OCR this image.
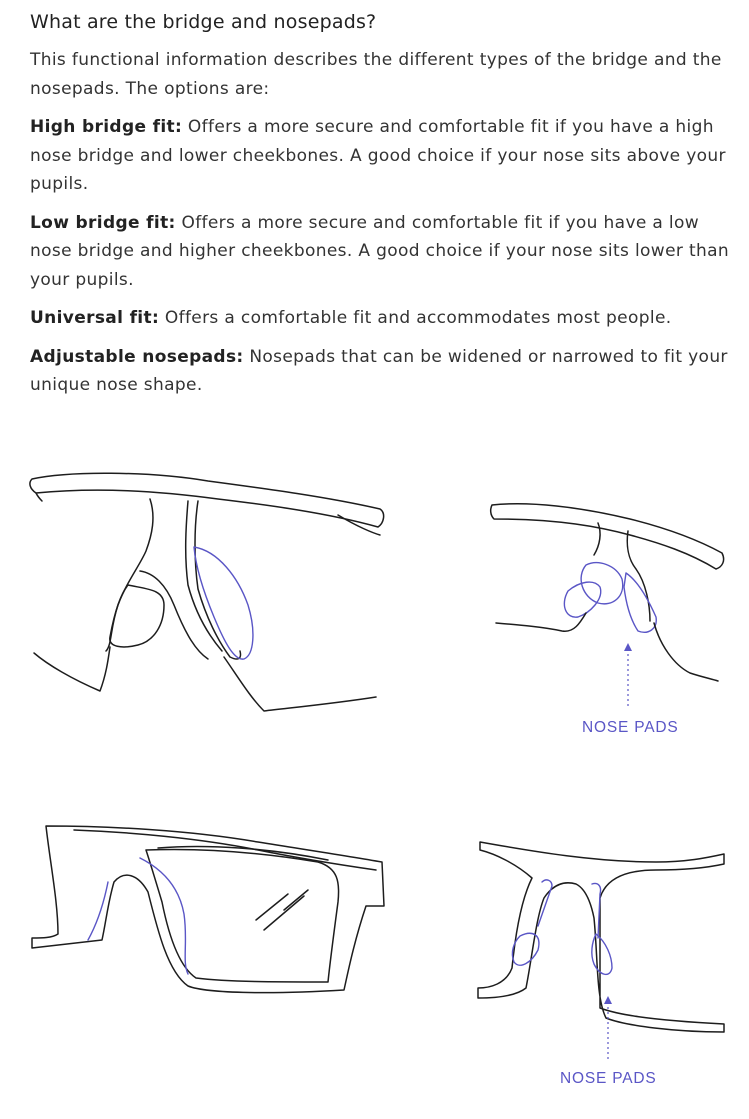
What are the bridge and nosepads?

This functional information describes the different types of the bridge and the nosepads. The options are:

High bridge fit: Offers a more secure and comfortable fit if you have a high nose bridge and lower cheekbones. A good choice if your nose sits above your pupils.

Low bridge fit: Offers a more secure and comfortable fit if you have a low nose bridge and higher cheekbones. A good choice if your nose sits lower than your pupils.

Universal fit: Offers a comfortable fit and accommodates most people.

Adjustable nosepads: Nosepads that can be widened or narrowed to fit your unique nose shape.

NOSE PADS
NOSE PADS
